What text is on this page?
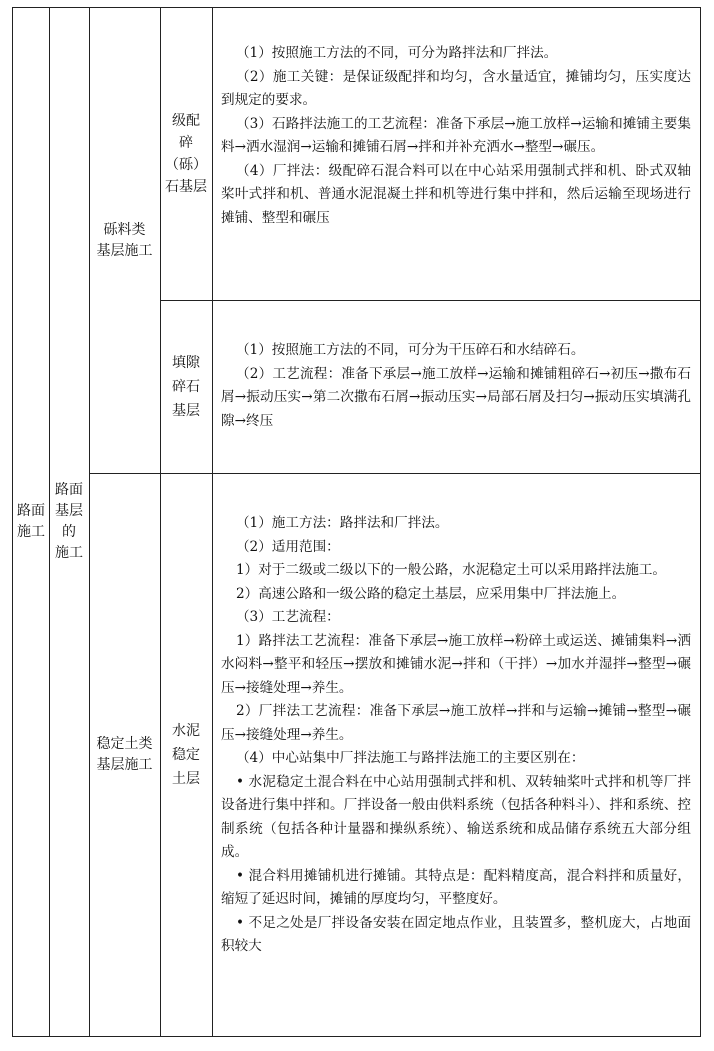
路面
施工
路面
基层
的
施工
砾料类
基层施工
级配
碎
（砾）
石基层

（1）按照施工方法的不同，可分为路拌法和厂拌法。

（2）施工关键：是保证级配拌和均匀，含水量适宜，摊铺均匀，压实度达到规定的要求。

（3）石路拌法施工的工艺流程：准备下承层→施工放样→运输和摊铺主要集料→洒水湿润→运输和摊铺石屑→拌和并补充洒水→整型→碾压。

（4）厂拌法：级配碎石混合料可以在中心站采用强制式拌和机、卧式双轴桨叶式拌和机、普通水泥混凝土拌和机等进行集中拌和，然后运输至现场进行摊铺、整型和碾压

填隙
碎石
基层

（1）按照施工方法的不同，可分为干压碎石和水结碎石。

（2）工艺流程：准备下承层→施工放样→运输和摊铺粗碎石→初压→撒布石屑→振动压实→第二次撒布石屑→振动压实→局部石屑及扫匀→振动压实填满孔隙→终压

稳定土类
基层施工
水泥
稳定
土层

（1）施工方法：路拌法和厂拌法。

（2）适用范围：

1）对于二级或二级以下的一般公路，水泥稳定土可以采用路拌法施工。

2）高速公路和一级公路的稳定土基层，应采用集中厂拌法施上。

（3）工艺流程：

1）路拌法工艺流程：准备下承层→施工放样→粉碎土或运送、摊铺集料→洒水闷料→整平和轻压→摆放和摊铺水泥→拌和（干拌）→加水并湿拌→整型→碾压→接缝处理→养生。

2）厂拌法工艺流程：准备下承层→施工放样→拌和与运输→摊铺→整型→碾压→接缝处理→养生。

（4）中心站集中厂拌法施工与路拌法施工的主要区别在：

• 水泥稳定土混合料在中心站用强制式拌和机、双转轴桨叶式拌和机等厂拌设备进行集中拌和。厂拌设备一般由供料系统（包括各种料斗）、拌和系统、控制系统（包括各种计量器和操纵系统）、输送系统和成品储存系统五大部分组成。

• 混合料用摊铺机进行摊铺。其特点是：配料精度高，混合料拌和质量好，缩短了延迟时间，摊铺的厚度均匀，平整度好。

• 不足之处是厂拌设备安装在固定地点作业，且装置多，整机庞大，占地面积较大
